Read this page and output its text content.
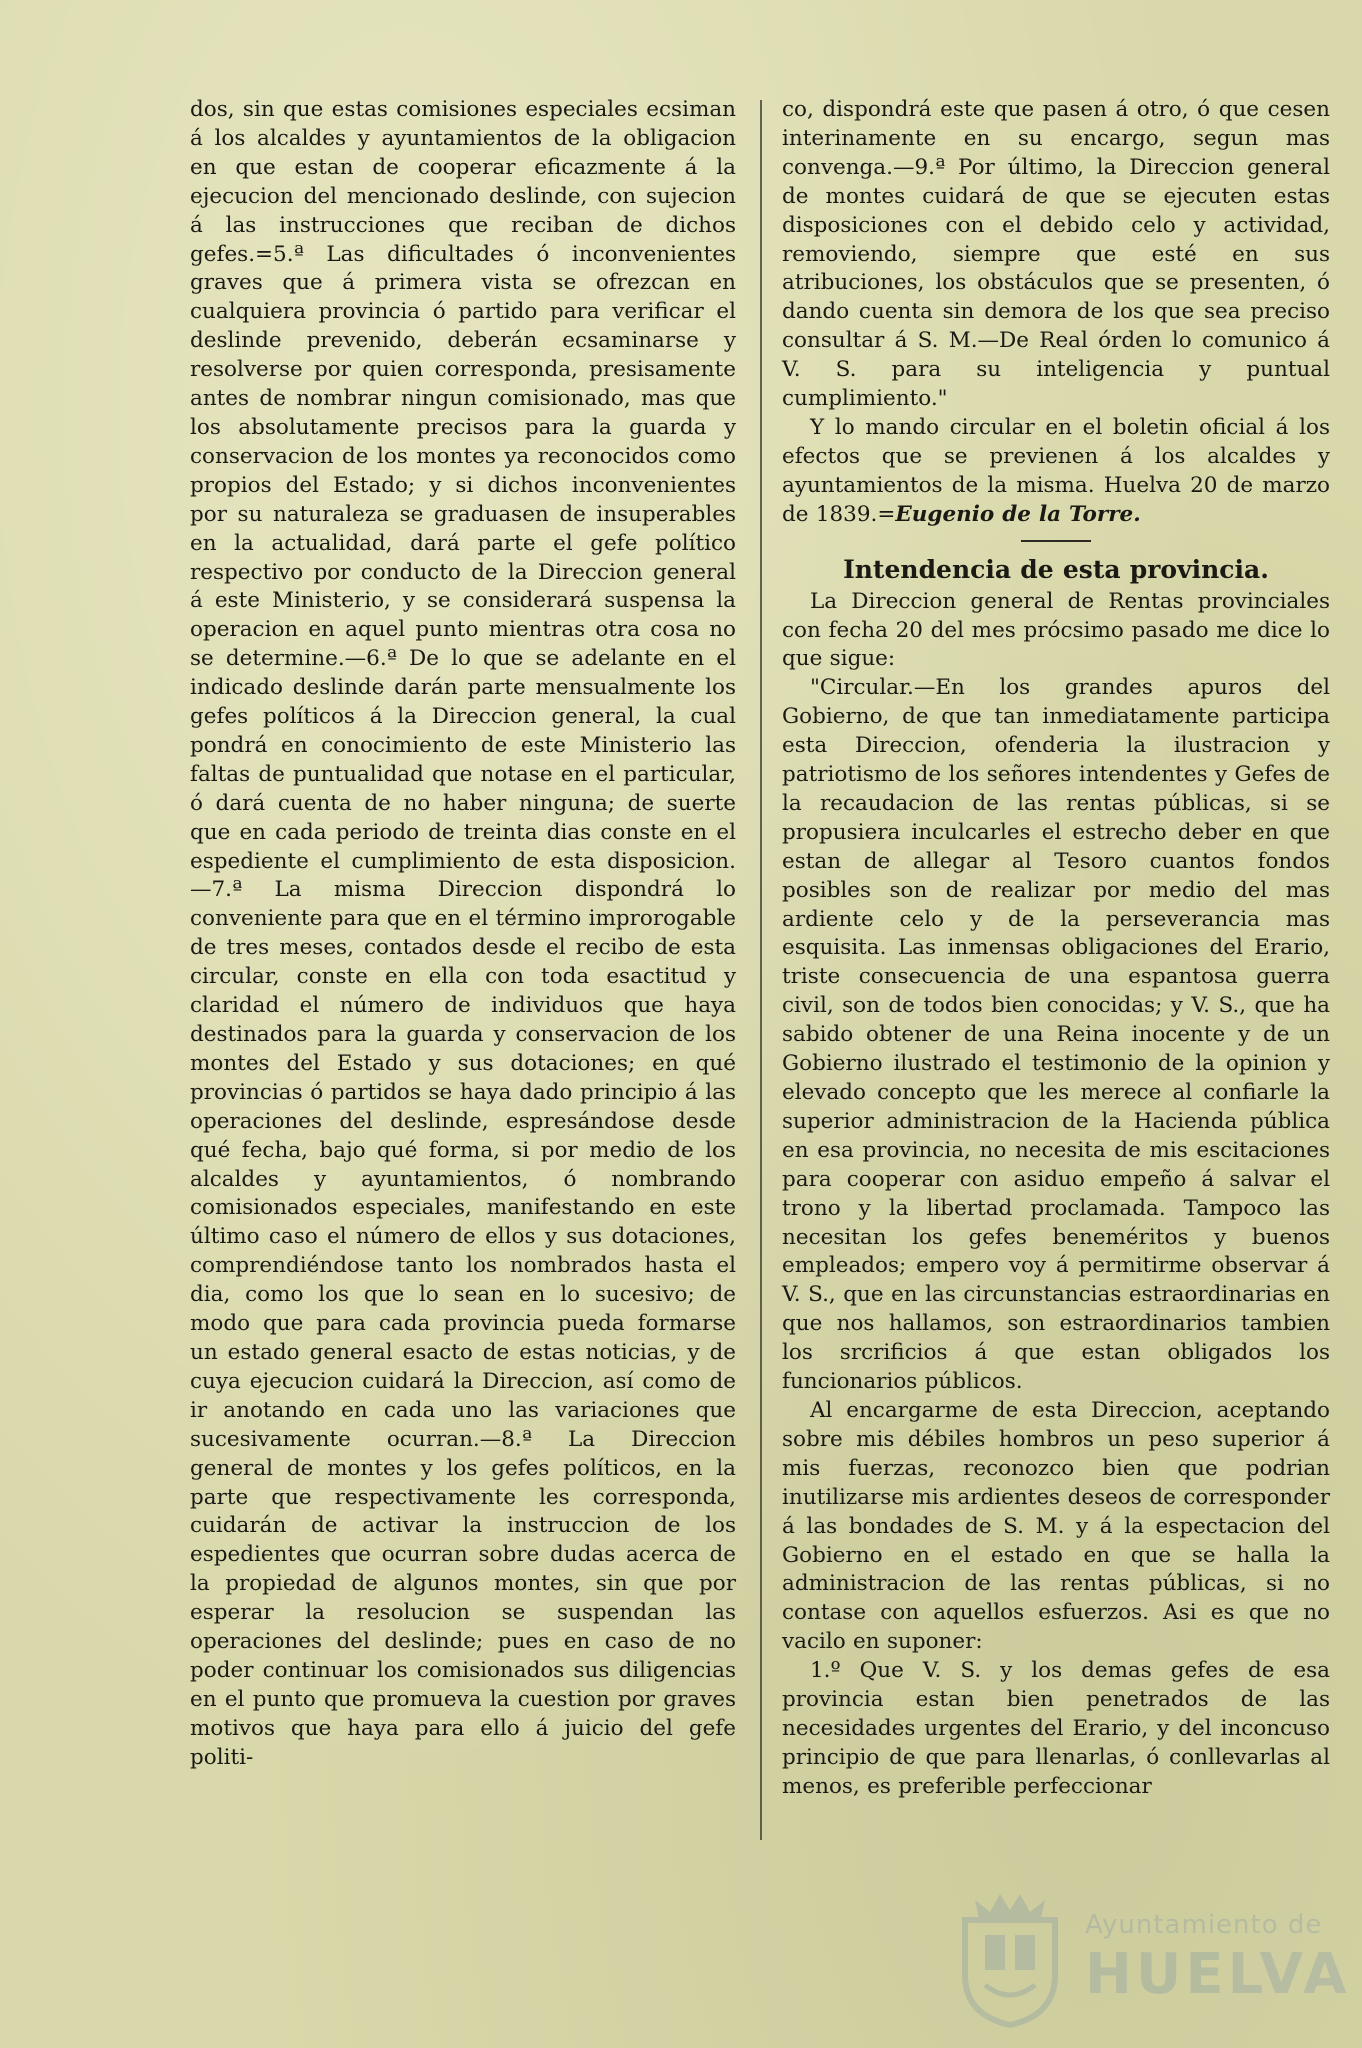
dos, sin que estas comisiones especiales ecsiman á los alcaldes y ayuntamientos de la obligacion en que estan de cooperar eficazmente á la ejecucion del mencionado deslinde, con sujecion á las instrucciones que reciban de dichos gefes.=5.ª Las dificultades ó inconvenientes graves que á primera vista se ofrezcan en cualquiera provincia ó partido para verificar el deslinde prevenido, deberán ecsaminarse y resolverse por quien corresponda, presisamente antes de nombrar ningun comisionado, mas que los absolutamente precisos para la guarda y conservacion de los montes ya reconocidos como propios del Estado; y si dichos inconvenientes por su naturaleza se graduasen de insuperables en la actualidad, dará parte el gefe político respectivo por conducto de la Direccion general á este Ministerio, y se considerará suspensa la operacion en aquel punto mientras otra cosa no se determine.—6.ª De lo que se adelante en el indicado deslinde darán parte mensualmente los gefes políticos á la Direccion general, la cual pondrá en conocimiento de este Ministerio las faltas de puntualidad que notase en el particular, ó dará cuenta de no haber ninguna; de suerte que en cada periodo de treinta dias conste en el espediente el cumplimiento de esta disposicion.—7.ª La misma Direccion dispondrá lo conveniente para que en el término improrogable de tres meses, contados desde el recibo de esta circular, conste en ella con toda esactitud y claridad el número de individuos que haya destinados para la guarda y conservacion de los montes del Estado y sus dotaciones; en qué provincias ó partidos se haya dado principio á las operaciones del deslinde, espresándose desde qué fecha, bajo qué forma, si por medio de los alcaldes y ayuntamientos, ó nombrando comisionados especiales, manifestando en este último caso el número de ellos y sus dotaciones, comprendiéndose tanto los nombrados hasta el dia, como los que lo sean en lo sucesivo; de modo que para cada provincia pueda formarse un estado general esacto de estas noticias, y de cuya ejecucion cuidará la Direccion, así como de ir anotando en cada uno las variaciones que sucesivamente ocurran.—8.ª La Direccion general de montes y los gefes políticos, en la parte que respectivamente les corresponda, cuidarán de activar la instruccion de los espedientes que ocurran sobre dudas acerca de la propiedad de algunos montes, sin que por esperar la resolucion se suspendan las operaciones del deslinde; pues en caso de no poder continuar los comisionados sus diligencias en el punto que promueva la cuestion por graves motivos que haya para ello á juicio del gefe politi-

co, dispondrá este que pasen á otro, ó que cesen interinamente en su encargo, segun mas convenga.—9.ª Por último, la Direccion general de montes cuidará de que se ejecuten estas disposiciones con el debido celo y actividad, removiendo, siempre que esté en sus atribuciones, los obstáculos que se presenten, ó dando cuenta sin demora de los que sea preciso consultar á S. M.—De Real órden lo comunico á V. S. para su inteligencia y puntual cumplimiento."

Y lo mando circular en el boletin oficial á los efectos que se previenen á los alcaldes y ayuntamientos de la misma. Huelva 20 de marzo de 1839.=Eugenio de la Torre.

Intendencia de esta provincia.

La Direccion general de Rentas provinciales con fecha 20 del mes prócsimo pasado me dice lo que sigue:

"Circular.—En los grandes apuros del Gobierno, de que tan inmediatamente participa esta Direccion, ofenderia la ilustracion y patriotismo de los señores intendentes y Gefes de la recaudacion de las rentas públicas, si se propusiera inculcarles el estrecho deber en que estan de allegar al Tesoro cuantos fondos posibles son de realizar por medio del mas ardiente celo y de la perseverancia mas esquisita. Las inmensas obligaciones del Erario, triste consecuencia de una espantosa guerra civil, son de todos bien conocidas; y V. S., que ha sabido obtener de una Reina inocente y de un Gobierno ilustrado el testimonio de la opinion y elevado concepto que les merece al confiarle la superior administracion de la Hacienda pública en esa provincia, no necesita de mis escitaciones para cooperar con asiduo empeño á salvar el trono y la libertad proclamada. Tampoco las necesitan los gefes beneméritos y buenos empleados; empero voy á permitirme observar á V. S., que en las circunstancias estraordinarias en que nos hallamos, son estraordinarios tambien los srcrificios á que estan obligados los funcionarios públicos.

Al encargarme de esta Direccion, aceptando sobre mis débiles hombros un peso superior á mis fuerzas, reconozco bien que podrian inutilizarse mis ardientes deseos de corresponder á las bondades de S. M. y á la espectacion del Gobierno en el estado en que se halla la administracion de las rentas públicas, si no contase con aquellos esfuerzos. Asi es que no vacilo en suponer:

1.º Que V. S. y los demas gefes de esa provincia estan bien penetrados de las necesidades urgentes del Erario, y del inconcuso principio de que para llenarlas, ó conllevarlas al menos, es preferible perfeccionar

Ayuntamiento de
HUELVA
